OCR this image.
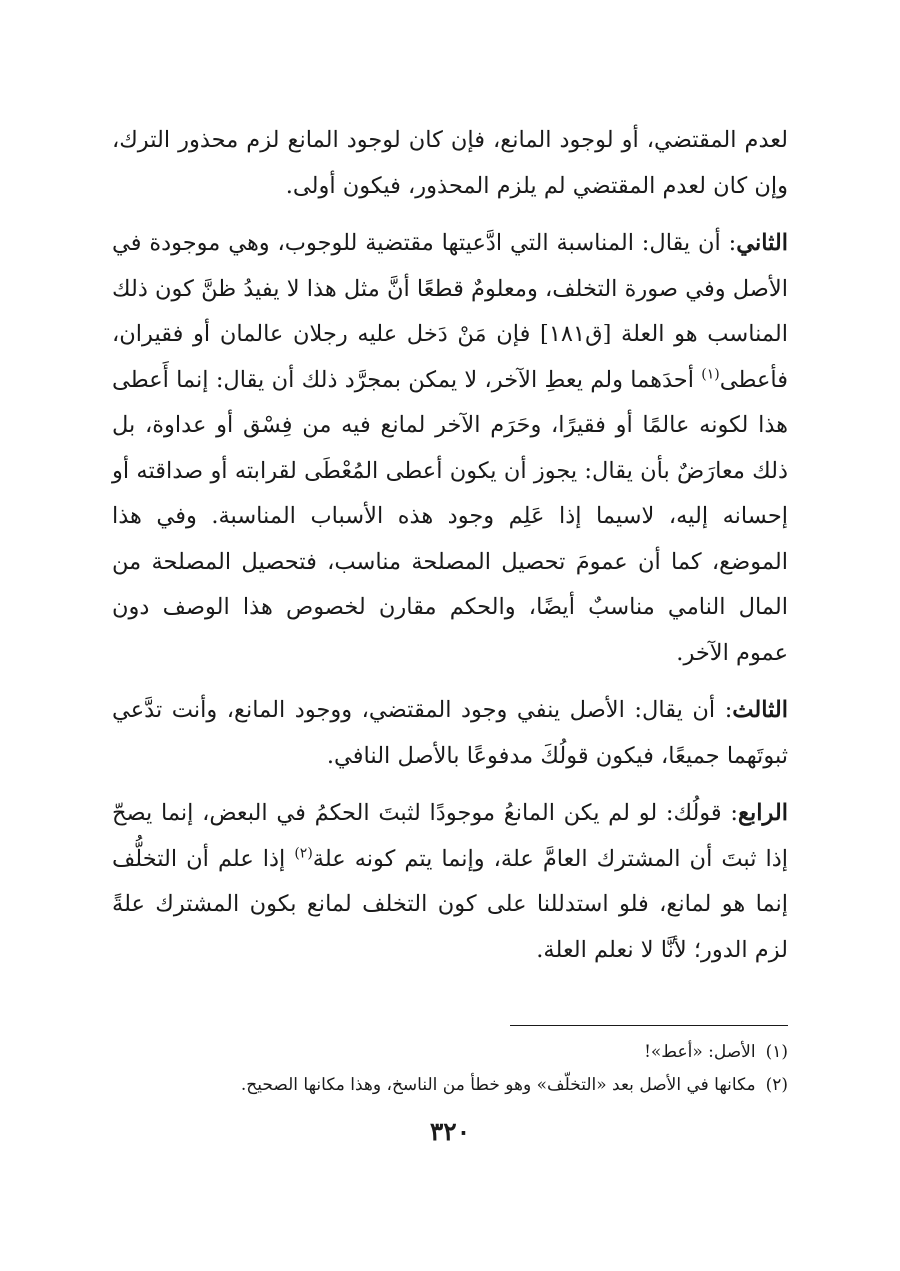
لعدم المقتضي، أو لوجود المانع، فإن كان لوجود المانع لزم محذور الترك، وإن كان لعدم المقتضي لم يلزم المحذور، فيكون أولى.

الثاني: أن يقال: المناسبة التي ادَّعيتها مقتضية للوجوب، وهي موجودة في الأصل وفي صورة التخلف، ومعلومٌ قطعًا أنَّ مثل هذا لا يفيدُ ظنَّ كون ذلك المناسب هو العلة [ق١٨١] فإن مَنْ دَخل عليه رجلان عالمان أو فقيران، فأعطى$^{(١)}$ أحدَهما ولم يعطِ الآخر، لا يمكن بمجرَّد ذلك أن يقال: إنما أَعطى هذا لكونه عالمًا أو فقيرًا، وحَرَم الآخر لمانع فيه من فِسْق أو عداوة، بل ذلك معارَضٌ بأن يقال: يجوز أن يكون أعطى المُعْطَى لقرابته أو صداقته أو إحسانه إليه، لاسيما إذا عَلِم وجود هذه الأسباب المناسبة. وفي هذا الموضع، كما أن عمومَ تحصيل المصلحة مناسب، فتحصيل المصلحة من المال النامي مناسبٌ أيضًا، والحكم مقارن لخصوص هذا الوصف دون عموم الآخر.

الثالث: أن يقال: الأصل ينفي وجود المقتضي، ووجود المانع، وأنت تدَّعي ثبوتَهما جميعًا، فيكون قولُكَ مدفوعًا بالأصل النافي.

الرابع: قولُك: لو لم يكن المانعُ موجودًا لثبتَ الحكمُ في البعض، إنما يصحّ إذا ثبتَ أن المشترك العامَّ علة، وإنما يتم كونه علة$^{(٢)}$ إذا علم أن التخلُّف إنما هو لمانع، فلو استدللنا على كون التخلف لمانع بكون المشترك علةً لزم الدور؛ لأنَّا لا نعلم العلة.

(١)الأصل: «أعط»!

(٢)مكانها في الأصل بعد «التخلّف» وهو خطأ من الناسخ، وهذا مكانها الصحيح.

٣٢٠
